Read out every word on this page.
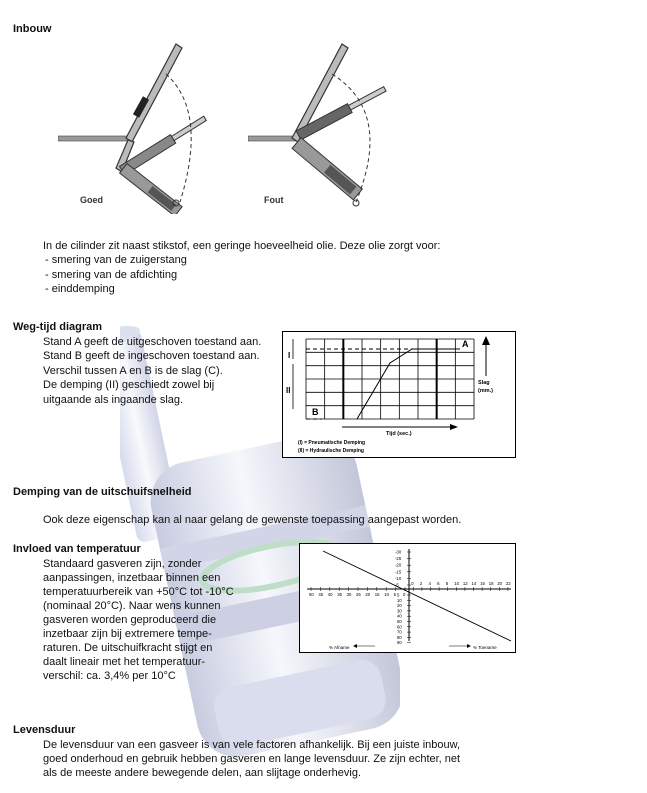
Inbouw
Goed	Fout
In de cilinder zit naast stikstof, een geringe hoeveelheid olie. Deze olie zorgt voor:
- smering van de zuigerstang
- smering van de afdichting
- einddemping
Weg-tijd diagram
Stand A geeft de uitgeschoven toestand aan.
Stand B geeft de ingeschoven toestand aan.
Verschil tussen A en B is de slag (C).
De demping (II) geschiedt zowel bij
uitgaande als ingaande slag.
I
II
A
B
Slag
(mm.)
Tijd (sec.)
(I) = Pneumatische Demping
(II) = Hydraulische Demping
Demping van de uitschuifsnelheid
Ook deze eigenschap kan al naar gelang de gewenste toepassing aangepast worden.
Invloed van temperatuur
Standaard gasveren zijn, zonder
aanpassingen, inzetbaar binnen een
temperatuurbereik van +50°C tot -10°C
(nominaal 20°C). Naar wens kunnen
gasveren worden geproduceerd die
inzetbaar zijn bij extremere tempe-
raturen. De uitschuifkracht stijgt en
daalt lineair met het temperatuur-
verschil: ca. 3,4% per 10°C
50 45 40 35 30 25 20 15 10 5 0
0 2 4 6 8 10 12 14 16 18 20 22
-30
-25
-20
-15
-10
-5
5
10
20
30
40
50
60
70
80
90
% Afname	% Toename
Levensduur
De levensduur van een gasveer is van vele factoren afhankelijk. Bij een juiste inbouw,
goed onderhoud en gebruik hebben gasveren en lange levensduur. Ze zijn echter, net
als de meeste andere bewegende delen, aan slijtage onderhevig.
